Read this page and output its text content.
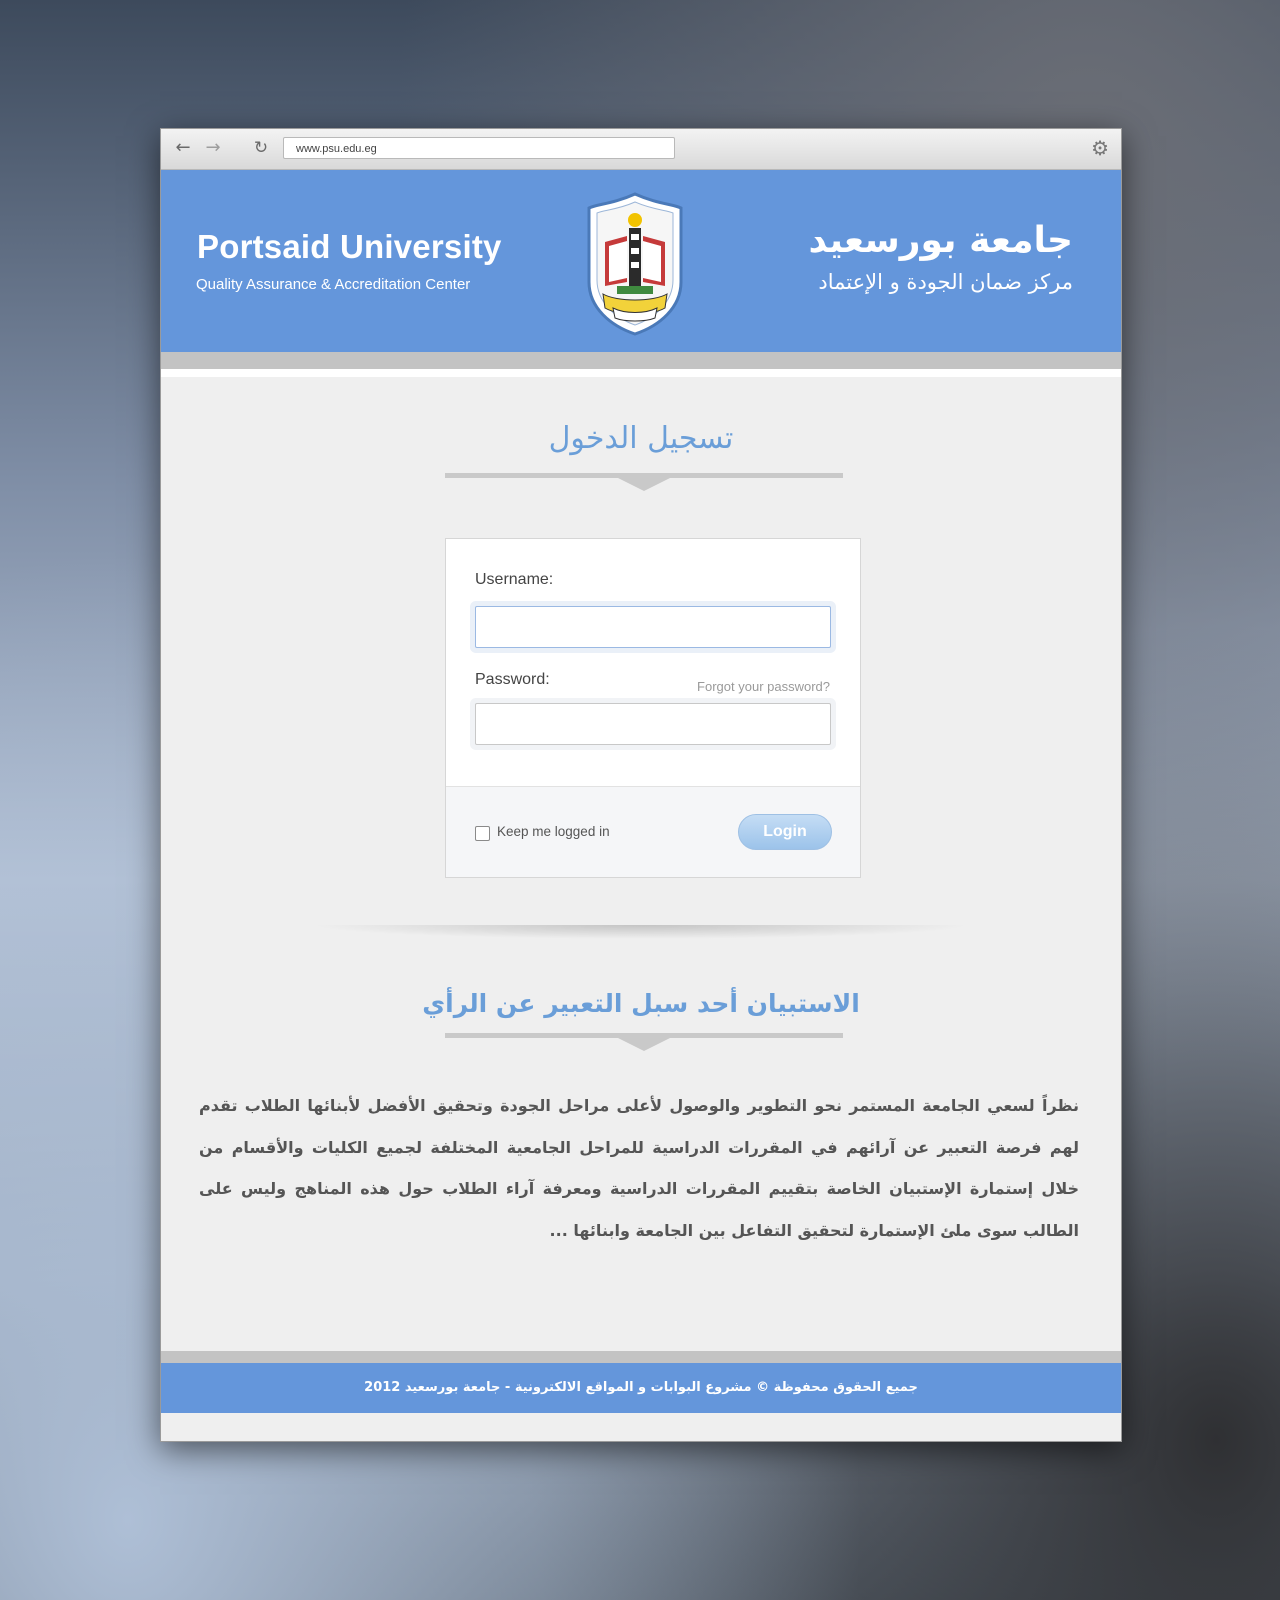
← → ↻	www.psu.edu.eg	⚙
Portsaid University
Quality Assurance & Accreditation Center
جامعة بورسعيد
مركز ضمان الجودة و الإعتماد
تسجيل الدخول
Username:
Password:	Forgot your password?
Keep me logged in	Login
الاستبيان أحد سبل التعبير عن الرأي
نظراً لسعي الجامعة المستمر نحو التطوير والوصول لأعلى مراحل الجودة وتحقيق الأفضل لأبنائها الطلاب تقدم لهم فرصة التعبير عن آرائهم في المقررات الدراسية للمراحل الجامعية المختلفة لجميع الكليات والأقسام من خلال إستمارة الإستبيان الخاصة بتقييم المقررات الدراسية ومعرفة آراء الطلاب حول هذه المناهج وليس على الطالب سوى ملئ الإستمارة لتحقيق التفاعل بين الجامعة وابنائها ...
جميع الحقوق محفوظة © مشروع البوابات و المواقع الالكترونية - جامعة بورسعيد 2012
